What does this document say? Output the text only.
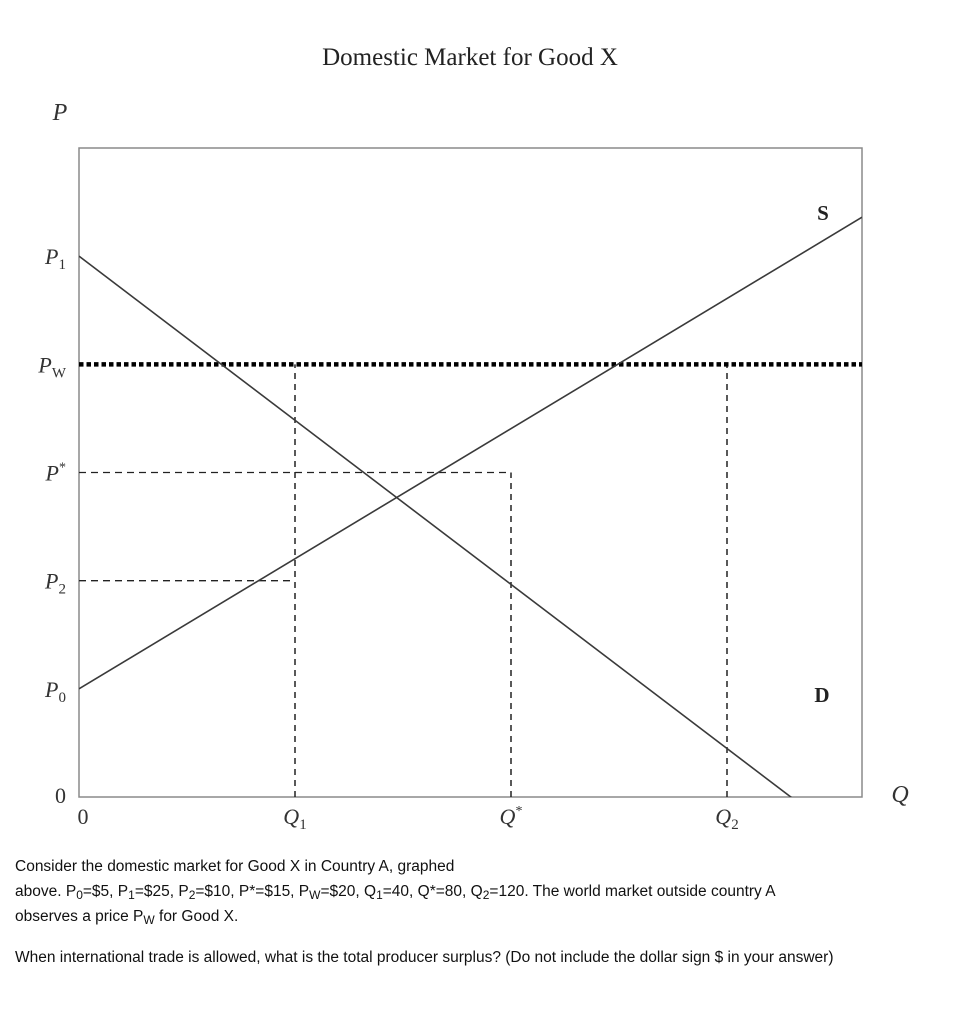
Domestic Market for Good X
P
Q
$P_1$
$P_W$
P*
$P_2$
$P_0$
0
0	$Q_1$	Q*	$Q_2$
D
S

Consider the domestic market for Good X in Country A, graphed

above. $P_0=\$5$, $P_1=\$25$, $P_2=\$10$, P*=$15, $P_W=\$20$, $Q_1=40$, Q*=80, $Q_2=120$. The world market outside country A

observes a price $P_W$ for Good X.

When international trade is allowed, what is the total producer surplus? (Do not include the dollar sign $ in your answer)
